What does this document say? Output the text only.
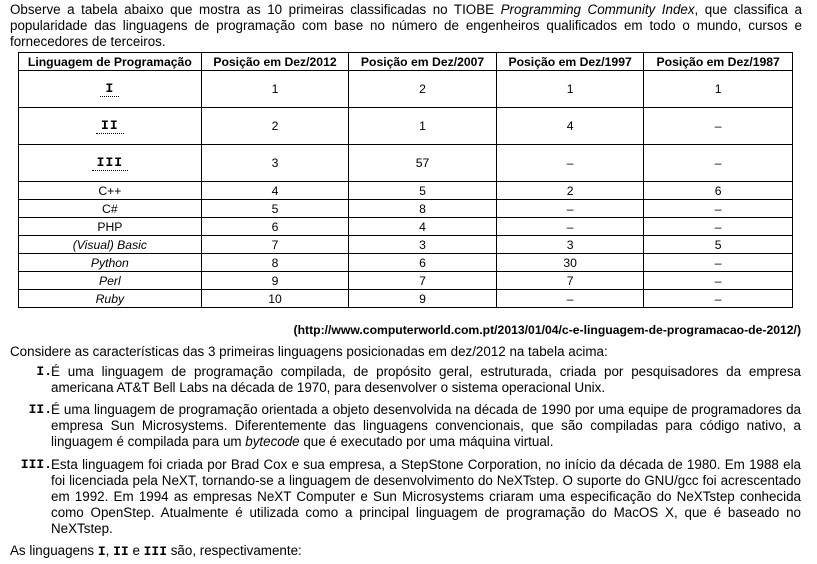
Observe a tabela abaixo que mostra as 10 primeiras classificadas no TIOBE Programming Community Index, que classifica a popularidade das linguagens de programação com base no número de engenheiros qualificados em todo o mundo, cursos e fornecedores de terceiros.
Linguagem de Programação	Posição em Dez/2012	Posição em Dez/2007	Posição em Dez/1997	Posição em Dez/1987
I	1	2	1	1
II	2	1	4	–
III	3	57	–	–
C++	4	5	2	6
C#	5	8	–	–
PHP	6	4	–	–
(Visual) Basic	7	3	3	5
Python	8	6	30	–
Perl	9	7	7	–
Ruby	10	9	–	–
(http://www.computerworld.com.pt/2013/01/04/c-e-linguagem-de-programacao-de-2012/)
Considere as características das 3 primeiras linguagens posicionadas em dez/2012 na tabela acima:
I. É uma linguagem de programação compilada, de propósito geral, estruturada, criada por pesquisadores da empresa americana AT&T Bell Labs na década de 1970, para desenvolver o sistema operacional Unix.
II. É uma linguagem de programação orientada a objeto desenvolvida na década de 1990 por uma equipe de programadores da empresa Sun Microsystems. Diferentemente das linguagens convencionais, que são compiladas para código nativo, a linguagem é compilada para um bytecode que é executado por uma máquina virtual.
III. Esta linguagem foi criada por Brad Cox e sua empresa, a StepStone Corporation, no início da década de 1980. Em 1988 ela foi licenciada pela NeXT, tornando-se a linguagem de desenvolvimento do NeXTstep. O suporte do GNU/gcc foi acrescentado em 1992. Em 1994 as empresas NeXT Computer e Sun Microsystems criaram uma especificação do NeXTstep conhecida como OpenStep. Atualmente é utilizada como a principal linguagem de programação do MacOS X, que é baseado no NeXTstep.
As linguagens I, II e III são, respectivamente:
